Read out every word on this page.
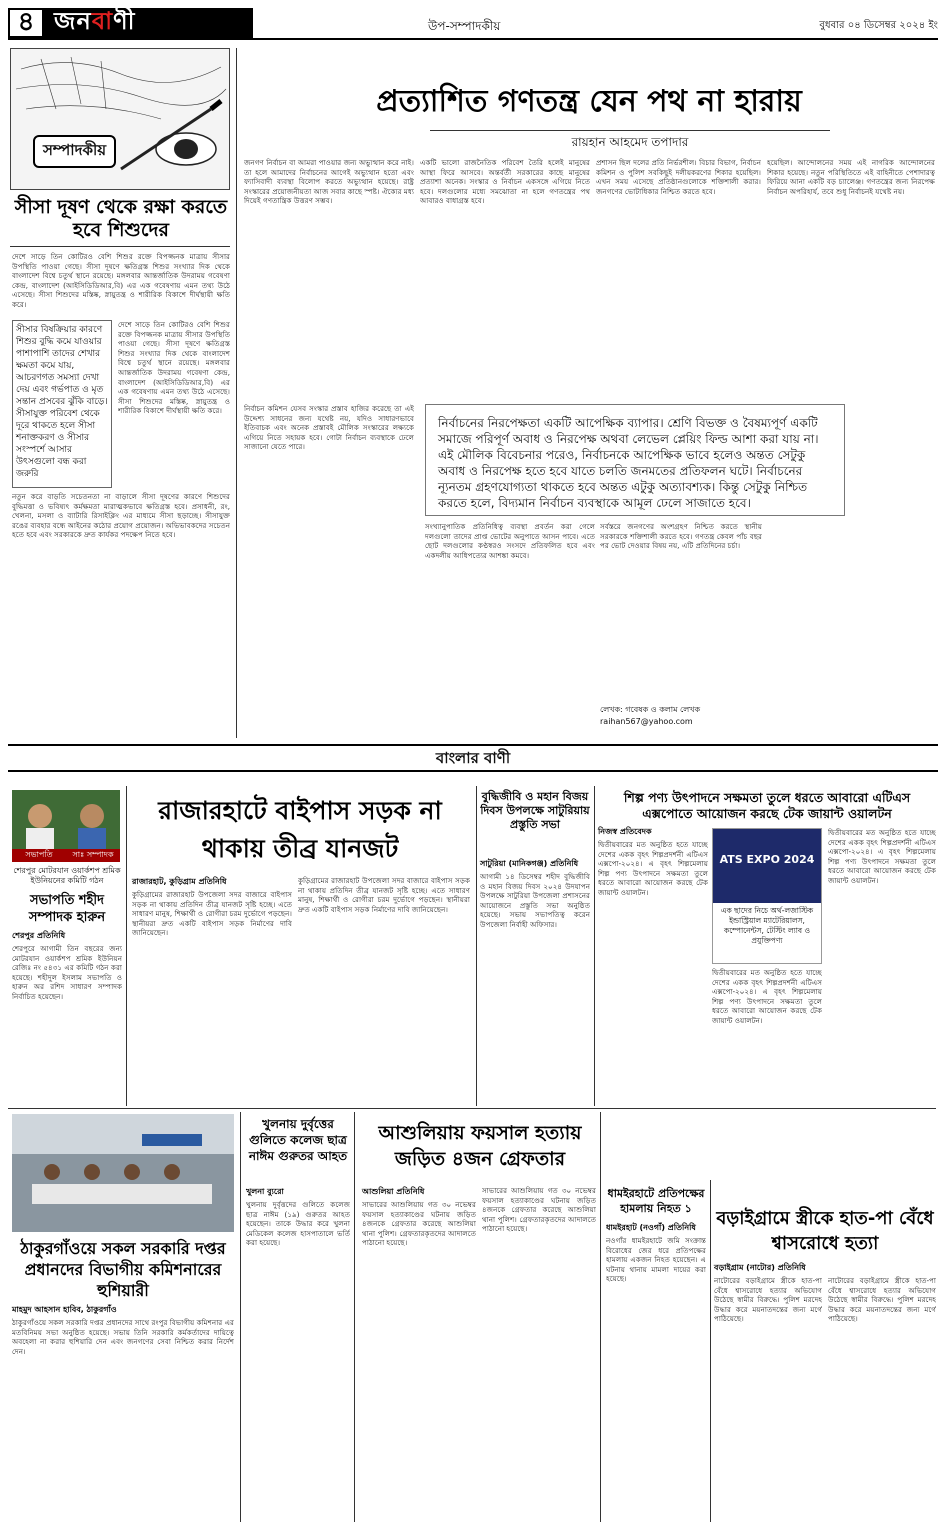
৪ জনবাণী	উপ-সম্পাদকীয়	বুধবার ০৪ ডিসেম্বর ২০২৪ ইং
সম্পাদকীয়
সীসা দূষণ থেকে রক্ষা করতে হবে শিশুদের
দেশে সাড়ে তিন কোটিরও বেশি শিশুর রক্তে বিপজ্জনক মাত্রায় সীসার উপস্থিতি পাওয়া গেছে। সীসা দূষণে ক্ষতিগ্রস্ত শিশুর সংখ্যার দিক থেকে বাংলাদেশ বিশ্বে চতুর্থ স্থানে রয়েছে। মঙ্গলবার আন্তর্জাতিক উদরাময় গবেষণা কেন্দ্র, বাংলাদেশ (আইসিডিডিআর,বি) এর এক গবেষণায় এমন তথ্য উঠে এসেছে। সীসা শিশুদের মস্তিষ্ক, স্নায়ুতন্ত্র ও শারীরিক বিকাশে দীর্ঘস্থায়ী ক্ষতি করে।
সীসার বিষক্রিয়ার কারণে শিশুর বুদ্ধি কমে যাওয়ার পাশাপাশি তাদের শেখার ক্ষমতা কমে যায়, আচরণগত সমস্যা দেখা দেয় এবং গর্ভপাত ও মৃত সন্তান প্রসবের ঝুঁকি বাড়ে। সীসাযুক্ত পরিবেশ থেকে দূরে থাকতে হলে সীসা শনাক্তকরণ ও সীসার সংস্পর্শে আসার উৎসগুলো বন্ধ করা জরুরি
দেশে সাড়ে তিন কোটিরও বেশি শিশুর রক্তে বিপজ্জনক মাত্রায় সীসার উপস্থিতি পাওয়া গেছে। সীসা দূষণে ক্ষতিগ্রস্ত শিশুর সংখ্যার দিক থেকে বাংলাদেশ বিশ্বে চতুর্থ স্থানে রয়েছে। মঙ্গলবার আন্তর্জাতিক উদরাময় গবেষণা কেন্দ্র, বাংলাদেশ (আইসিডিডিআর,বি) এর এক গবেষণায় এমন তথ্য উঠে এসেছে। সীসা শিশুদের মস্তিষ্ক, স্নায়ুতন্ত্র ও শারীরিক বিকাশে দীর্ঘস্থায়ী ক্ষতি করে।
নতুন করে বাড়তি সচেতনতা না বাড়ালে সীসা দূষণের কারণে শিশুদের বুদ্ধিমত্তা ও ভবিষ্যৎ কর্মক্ষমতা মারাত্মকভাবে ক্ষতিগ্রস্ত হবে। প্রসাধনী, রং, খেলনা, মসলা ও ব্যাটারি রিসাইক্লিং এর মাধ্যমে সীসা ছড়াচ্ছে। সীসাযুক্ত রঙের ব্যবহার বন্ধে আইনের কঠোর প্রয়োগ প্রয়োজন। অভিভাবকদের সচেতন হতে হবে এবং সরকারকে দ্রুত কার্যকর পদক্ষেপ নিতে হবে।
প্রত্যাশিত গণতন্ত্র যেন পথ না হারায়
রায়হান আহমেদ তপাদার
জনগণ নির্বাচন বা আমরা পাওয়ার জন্য অভ্যুত্থান করে নাই। তা হলে আমাদের নির্বাচনের আগেই অভ্যুত্থান হতো এবং ফ্যাসিবাদী ব্যবস্থা বিলোপ করতে অভ্যুত্থান হয়েছে। রাষ্ট্র সংস্কারের প্রয়োজনীয়তা আজ সবার কাছে স্পষ্ট। ঐক্যের মধ্য দিয়েই গণতান্ত্রিক উত্তরণ সম্ভব।
একটি ভালো রাজনৈতিক পরিবেশ তৈরি হলেই মানুষের আস্থা ফিরে আসবে। অন্তর্বর্তী সরকারের কাছে মানুষের প্রত্যাশা অনেক। সংস্কার ও নির্বাচন একসঙ্গে এগিয়ে নিতে হবে। দলগুলোর মধ্যে সমঝোতা না হলে গণতন্ত্রের পথ আবারও বাধাগ্রস্ত হবে।
প্রশাসন ছিল দলের প্রতি নির্ভরশীল। বিচার বিভাগ, নির্বাচন কমিশন ও পুলিশ সবকিছুই দলীয়করণের শিকার হয়েছিল। এখন সময় এসেছে প্রতিষ্ঠানগুলোকে শক্তিশালী করার। জনগণের ভোটাধিকার নিশ্চিত করতে হবে।
হয়েছিল। আন্দোলনের সময় এই নাগরিক আন্দোলনের শিকার হয়েছে। নতুন পরিস্থিতিতে এই বাহিনীতে পেশাদারত্ব ফিরিয়ে আনা একটি বড় চ্যালেঞ্জ। গণতন্ত্রের জন্য নিরপেক্ষ নির্বাচন অপরিহার্য, তবে শুধু নির্বাচনই যথেষ্ট নয়।
নির্বাচনের নিরপেক্ষতা একটি আপেক্ষিক ব্যাপার। শ্রেণি বিভক্ত ও বৈষম্যপূর্ণ একটি সমাজে পরিপূর্ণ অবাধ ও নিরপেক্ষ অথবা লেভেল প্লেয়িং ফিল্ড আশা করা যায় না। এই মৌলিক বিবেচনার পরেও, নির্বাচনকে আপেক্ষিক ভাবে হলেও অন্তত সেটুকু অবাধ ও নিরপেক্ষ হতে হবে যাতে চলতি জনমতের প্রতিফলন ঘটে। নির্বাচনের ন্যূনতম গ্রহণযোগ্যতা থাকতে হবে অন্তত এটুকু অত্যাবশ্যক। কিন্তু সেটুকু নিশ্চিত করতে হলে, বিদ্যমান নির্বাচন ব্যবস্থাকে আমূল ঢেলে সাজাতে হবে।
নির্বাচন কমিশন যেসব সংস্কার প্রস্তাব হাজির করেছে তা এই উদ্দেশ্য সাধনের জন্য যথেষ্ট নয়, যদিও সাধারণভাবে ইতিবাচক এবং অনেক প্রস্তাবই মৌলিক সংস্কারের লক্ষ্যকে এগিয়ে নিতে সহায়ক হবে। গোটা নির্বাচন ব্যবস্থাকে ঢেলে সাজানো যেতে পারে।
সংখ্যানুপাতিক প্রতিনিধিত্ব ব্যবস্থা প্রবর্তন করা গেলে দলগুলো তাদের প্রাপ্ত ভোটের অনুপাতে আসন পাবে। এতে ছোট দলগুলোর কণ্ঠস্বরও সংসদে প্রতিফলিত হবে এবং একদলীয় আধিপত্যের আশঙ্কা কমবে।
সর্বস্তরে জনগণের অংশগ্রহণ নিশ্চিত করতে স্থানীয় সরকারকে শক্তিশালী করতে হবে। গণতন্ত্র কেবল পাঁচ বছর পর ভোট দেওয়ার বিষয় নয়, এটি প্রতিদিনের চর্চা।
লেখক: গবেষক ও কলাম লেখক
raihan567@yahoo.com
বাংলার বাণী
সভাপতি	সাঃ সম্পাদক
শেরপুর মোটরযান ওয়ার্কশপ শ্রমিক ইউনিয়নের কমিটি গঠন
সভাপতি শহীদ সম্পাদক হারুন
শেরপুর প্রতিনিধি
শেরপুরে আগামী তিন বছরের জন্য মোটরযান ওয়ার্কশপ শ্রমিক ইউনিয়ন রেজিঃ নং ৫৪৩১ এর কমিটি গঠন করা হয়েছে। শহীদুল ইসলাম সভাপতি ও হারুন অর রশিদ সাধারণ সম্পাদক নির্বাচিত হয়েছেন।
রাজারহাটে বাইপাস সড়ক না থাকায় তীব্র যানজট
রাজারহাট, কুড়িগ্রাম প্রতিনিধি
কুড়িগ্রামের রাজারহাট উপজেলা সদর বাজারে বাইপাস সড়ক না থাকায় প্রতিদিন তীব্র যানজট সৃষ্টি হচ্ছে। এতে সাধারণ মানুষ, শিক্ষার্থী ও রোগীরা চরম দুর্ভোগে পড়ছেন। স্থানীয়রা দ্রুত একটি বাইপাস সড়ক নির্মাণের দাবি জানিয়েছেন।
কুড়িগ্রামের রাজারহাট উপজেলা সদর বাজারে বাইপাস সড়ক না থাকায় প্রতিদিন তীব্র যানজট সৃষ্টি হচ্ছে। এতে সাধারণ মানুষ, শিক্ষার্থী ও রোগীরা চরম দুর্ভোগে পড়ছেন। স্থানীয়রা দ্রুত একটি বাইপাস সড়ক নির্মাণের দাবি জানিয়েছেন।
বুদ্ধিজীবি ও মহান বিজয় দিবস উপলক্ষে সাটুরিয়ায় প্রস্তুতি সভা
সাটুরিয়া (মানিকগঞ্জ) প্রতিনিধি
আগামী ১৪ ডিসেম্বর শহীদ বুদ্ধিজীবি ও মহান বিজয় দিবস ২০২৪ উদযাপন উপলক্ষে সাটুরিয়া উপজেলা প্রশাসনের আয়োজনে প্রস্তুতি সভা অনুষ্ঠিত হয়েছে। সভায় সভাপতিত্ব করেন উপজেলা নির্বাহী অফিসার।
শিল্প পণ্য উৎপাদনে সক্ষমতা তুলে ধরতে আবারো এটিএস এক্সপোতে আয়োজন করছে টেক জায়ান্ট ওয়ালটন
নিজস্ব প্রতিবেদক
দ্বিতীয়বারের মত অনুষ্ঠিত হতে যাচ্ছে দেশের একক বৃহৎ শিল্পপ্রদর্শনী এটিএস এক্সপো-২০২৪। এ বৃহৎ শিল্পমেলায় শিল্প পণ্য উৎপাদনে সক্ষমতা তুলে ধরতে আবারো আয়োজন করছে টেক জায়ান্ট ওয়ালটন।
ATS EXPO 2024
এক ছাদের নিচে অর্থ-লজাস্টিক ইন্ডাস্ট্রিয়াল ম্যাটেরিয়ালস, কম্পোনেন্টস, টেস্টিং ল্যাব ও প্রযুক্তিপণ্য
দ্বিতীয়বারের মত অনুষ্ঠিত হতে যাচ্ছে দেশের একক বৃহৎ শিল্পপ্রদর্শনী এটিএস এক্সপো-২০২৪। এ বৃহৎ শিল্পমেলায় শিল্প পণ্য উৎপাদনে সক্ষমতা তুলে ধরতে আবারো আয়োজন করছে টেক জায়ান্ট ওয়ালটন।
দ্বিতীয়বারের মত অনুষ্ঠিত হতে যাচ্ছে দেশের একক বৃহৎ শিল্পপ্রদর্শনী এটিএস এক্সপো-২০২৪। এ বৃহৎ শিল্পমেলায় শিল্প পণ্য উৎপাদনে সক্ষমতা তুলে ধরতে আবারো আয়োজন করছে টেক জায়ান্ট ওয়ালটন।
ঠাকুরগাঁওয়ে সকল সরকারি দপ্তর প্রধানদের বিভাগীয় কমিশনারের হুশিয়ারী
মাহমুদ আহসান হাবিব, ঠাকুরগাঁও
ঠাকুরগাঁওয়ে সকল সরকারি দপ্তর প্রধানদের সাথে রংপুর বিভাগীয় কমিশনার এর মতবিনিময় সভা অনুষ্ঠিত হয়েছে। সভায় তিনি সরকারি কর্মকর্তাদের দায়িত্বে অবহেলা না করার হুশিয়ারি দেন এবং জনগণের সেবা নিশ্চিত করার নির্দেশ দেন।
খুলনায় দুর্বৃত্তের গুলিতে কলেজ ছাত্র নাঈম গুরুতর আহত
খুলনা ব্যুরো
খুলনায় দুর্বৃত্তদের গুলিতে কলেজ ছাত্র নাঈম (১৯) গুরুতর আহত হয়েছেন। তাকে উদ্ধার করে খুলনা মেডিকেল কলেজ হাসপাতালে ভর্তি করা হয়েছে।
আশুলিয়ায় ফয়সাল হত্যায় জড়িত ৪জন গ্রেফতার
আশুলিয়া প্রতিনিধি
সাভারের আশুলিয়ায় গত ৩০ নভেম্বর ফয়সাল হত্যাকাণ্ডের ঘটনায় জড়িত ৪জনকে গ্রেফতার করেছে আশুলিয়া থানা পুলিশ। গ্রেফতারকৃতদের আদালতে পাঠানো হয়েছে।
সাভারের আশুলিয়ায় গত ৩০ নভেম্বর ফয়সাল হত্যাকাণ্ডের ঘটনায় জড়িত ৪জনকে গ্রেফতার করেছে আশুলিয়া থানা পুলিশ। গ্রেফতারকৃতদের আদালতে পাঠানো হয়েছে।
ধামইরহাটে প্রতিপক্ষের হামলায় নিহত ১
ধামইরহাট (নওগাঁ) প্রতিনিধি
নওগাঁর ধামইরহাটে জমি সংক্রান্ত বিরোধের জের ধরে প্রতিপক্ষের হামলায় একজন নিহত হয়েছেন। এ ঘটনায় থানায় মামলা দায়ের করা হয়েছে।
বড়াইগ্রামে স্ত্রীকে হাত-পা বেঁধে শ্বাসরোধে হত্যা
বড়াইগ্রাম (নাটোর) প্রতিনিধি
নাটোরের বড়াইগ্রামে স্ত্রীকে হাত-পা বেঁধে শ্বাসরোধে হত্যার অভিযোগ উঠেছে স্বামীর বিরুদ্ধে। পুলিশ মরদেহ উদ্ধার করে ময়নাতদন্তের জন্য মর্গে পাঠিয়েছে।
নাটোরের বড়াইগ্রামে স্ত্রীকে হাত-পা বেঁধে শ্বাসরোধে হত্যার অভিযোগ উঠেছে স্বামীর বিরুদ্ধে। পুলিশ মরদেহ উদ্ধার করে ময়নাতদন্তের জন্য মর্গে পাঠিয়েছে।
